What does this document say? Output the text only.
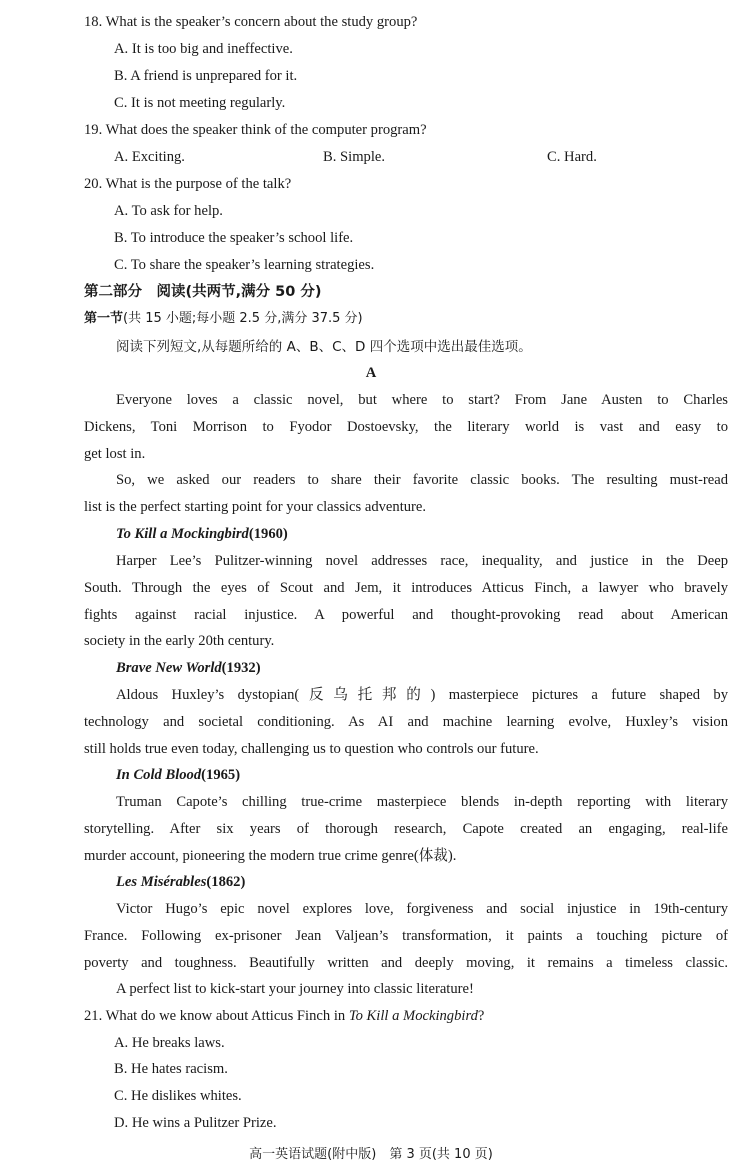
18. What is the speaker’s concern about the study group?
A. It is too big and ineffective.
B. A friend is unprepared for it.
C. It is not meeting regularly.
19. What does the speaker think of the computer program?
A. Exciting.	B. Simple.	C. Hard.
20. What is the purpose of the talk?
A. To ask for help.
B. To introduce the speaker’s school life.
C. To share the speaker’s learning strategies.
第二部分　阅读(共两节,满分 50 分)
第一节(共 15 小题;每小题 2.5 分,满分 37.5 分)
阅读下列短文,从每题所给的 A、B、C、D 四个选项中选出最佳选项。
A
Everyone loves a classic novel, but where to start? From Jane Austen to Charles
Dickens, Toni Morrison to Fyodor Dostoevsky, the literary world is vast and easy to
get lost in.
So, we asked our readers to share their favorite classic books. The resulting must-read
list is the perfect starting point for your classics adventure.
To Kill a Mockingbird(1960)
Harper Lee’s Pulitzer-winning novel addresses race, inequality, and justice in the Deep
South. Through the eyes of Scout and Jem, it introduces Atticus Finch, a lawyer who bravely
fights against racial injustice. A powerful and thought-provoking read about American
society in the early 20th century.
Brave New World(1932)
Aldous Huxley’s dystopian(反乌托邦的) masterpiece pictures a future shaped by
technology and societal conditioning. As AI and machine learning evolve, Huxley’s vision
still holds true even today, challenging us to question who controls our future.
In Cold Blood(1965)
Truman Capote’s chilling true-crime masterpiece blends in-depth reporting with literary
storytelling. After six years of thorough research, Capote created an engaging, real-life
murder account, pioneering the modern true crime genre(体裁).
Les Misérables(1862)
Victor Hugo’s epic novel explores love, forgiveness and social injustice in 19th-century
France. Following ex-prisoner Jean Valjean’s transformation, it paints a touching picture of
poverty and toughness. Beautifully written and deeply moving, it remains a timeless classic.
A perfect list to kick-start your journey into classic literature!
21. What do we know about Atticus Finch in To Kill a Mockingbird?
A. He breaks laws.
B. He hates racism.
C. He dislikes whites.
D. He wins a Pulitzer Prize.
高一英语试题(附中版)　第 3 页(共 10 页)
